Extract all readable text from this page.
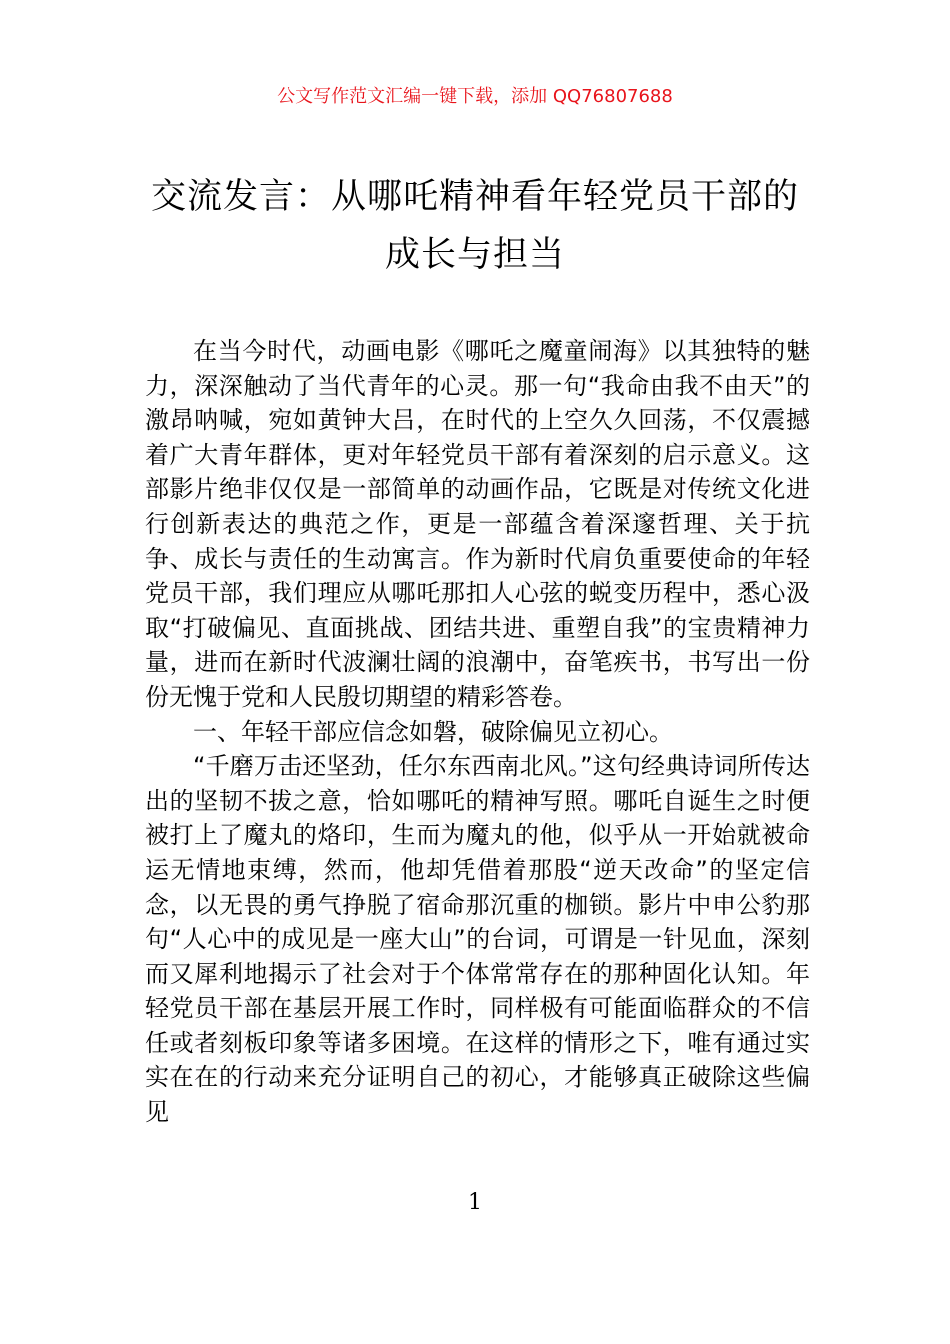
公文写作范文汇编一键下载，添加 QQ76807688
交流发言：从哪吒精神看年轻党员干部的
成长与担当

在当今时代，动画电影《哪吒之魔童闹海》以其独特的魅力，深深触动了当代青年的心灵。那一句“我命由我不由天”的激昂呐喊，宛如黄钟大吕，在时代的上空久久回荡，不仅震撼着广大青年群体，更对年轻党员干部有着深刻的启示意义。这部影片绝非仅仅是一部简单的动画作品，它既是对传统文化进行创新表达的典范之作，更是一部蕴含着深邃哲理、关于抗争、成长与责任的生动寓言。作为新时代肩负重要使命的年轻党员干部，我们理应从哪吒那扣人心弦的蜕变历程中，悉心汲取“打破偏见、直面挑战、团结共进、重塑自我”的宝贵精神力量，进而在新时代波澜壮阔的浪潮中，奋笔疾书，书写出一份份无愧于党和人民殷切期望的精彩答卷。

一、年轻干部应信念如磐，破除偏见立初心。

“千磨万击还坚劲，任尔东西南北风。”这句经典诗词所传达出的坚韧不拔之意，恰如哪吒的精神写照。哪吒自诞生之时便被打上了魔丸的烙印，生而为魔丸的他，似乎从一开始就被命运无情地束缚，然而，他却凭借着那股“逆天改命”的坚定信念，以无畏的勇气挣脱了宿命那沉重的枷锁。影片中申公豹那句“人心中的成见是一座大山”的台词，可谓是一针见血，深刻而又犀利地揭示了社会对于个体常常存在的那种固化认知。年轻党员干部在基层开展工作时，同样极有可能面临群众的不信任或者刻板印象等诸多困境。在这样的情形之下，唯有通过实实在在的行动来充分证明自己的初心，才能够真正破除这些偏见

1
